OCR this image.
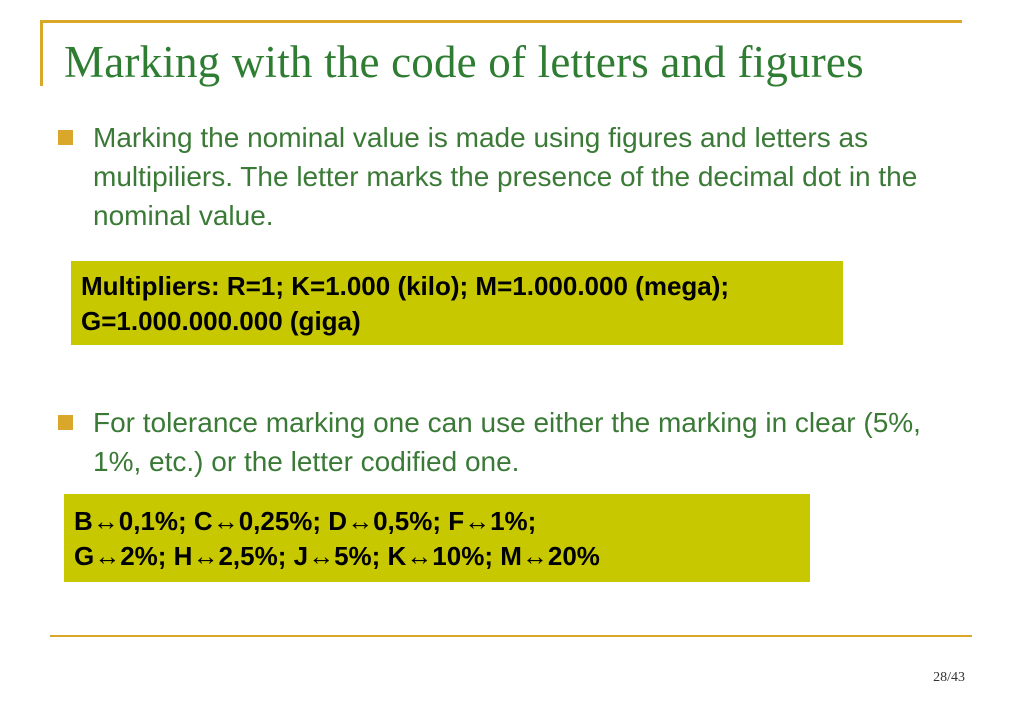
Marking with the code of letters and figures
Marking the nominal value is made using figures and letters as multipiliers. The letter marks the presence of the decimal dot in the nominal value.
Multipliers: R=1; K=1.000 (kilo); M=1.000.000 (mega); G=1.000.000.000 (giga)
For tolerance marking one can use either the marking in clear (5%, 1%, etc.) or the letter codified one.
B↔0,1%; C↔0,25%; D↔0,5%; F↔1%;
G↔2%; H↔2,5%; J↔5%; K↔10%; M↔20%
28/43
